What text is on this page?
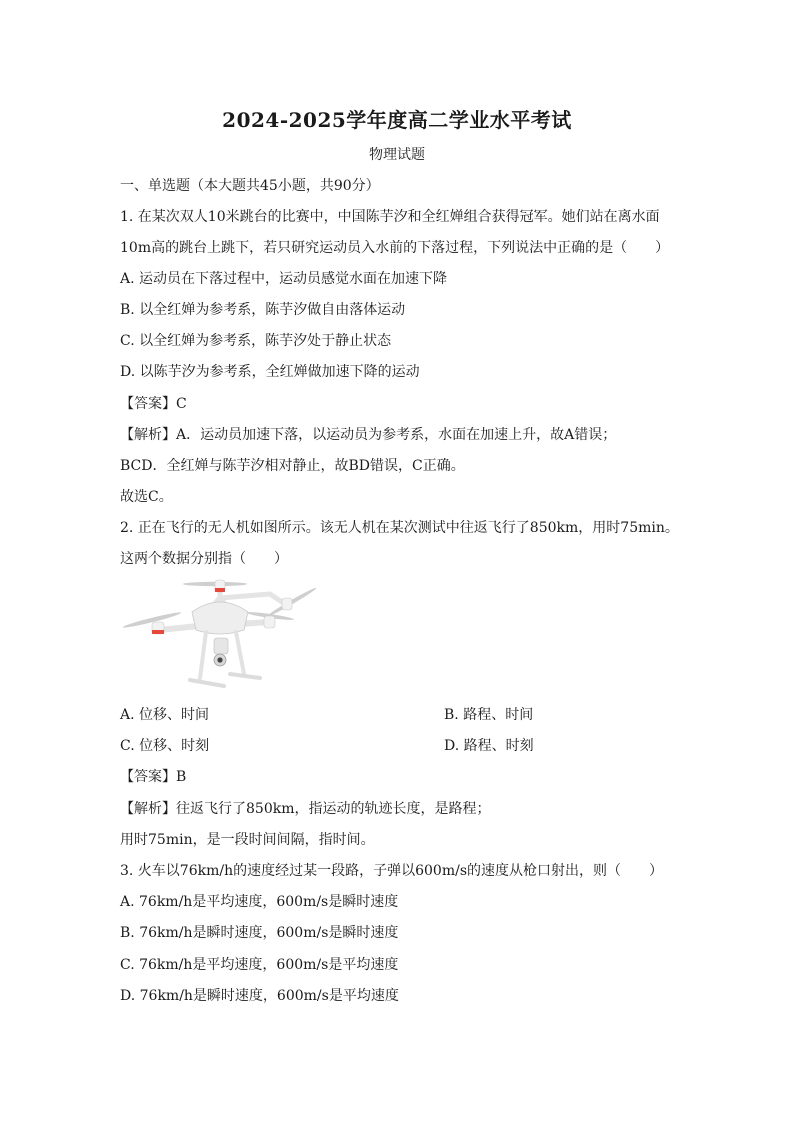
2024-2025学年度高二学业水平考试
物理试题
一、单选题（本大题共45小题，共90分）
1. 在某次双人10米跳台的比赛中，中国陈芋汐和全红婵组合获得冠军。她们站在离水面
10m高的跳台上跳下，若只研究运动员入水前的下落过程，下列说法中正确的是（　　）
A. 运动员在下落过程中，运动员感觉水面在加速下降
B. 以全红婵为参考系，陈芋汐做自由落体运动
C. 以全红婵为参考系，陈芋汐处于静止状态
D. 以陈芋汐为参考系，全红婵做加速下降的运动
【答案】C
【解析】A．运动员加速下落，以运动员为参考系，水面在加速上升，故A错误；
BCD．全红婵与陈芋汐相对静止，故BD错误，C正确。
故选C。
2. 正在飞行的无人机如图所示。该无人机在某次测试中往返飞行了850km，用时75min。
这两个数据分别指（　　）
A. 位移、时间	B. 路程、时间
C. 位移、时刻	D. 路程、时刻
【答案】B
【解析】往返飞行了850km，指运动的轨迹长度，是路程；
用时75min，是一段时间间隔，指时间。
3. 火车以76km/h的速度经过某一段路，子弹以600m/s的速度从枪口射出，则（　　）
A. 76km/h是平均速度，600m/s是瞬时速度
B. 76km/h是瞬时速度，600m/s是瞬时速度
C. 76km/h是平均速度，600m/s是平均速度
D. 76km/h是瞬时速度，600m/s是平均速度
